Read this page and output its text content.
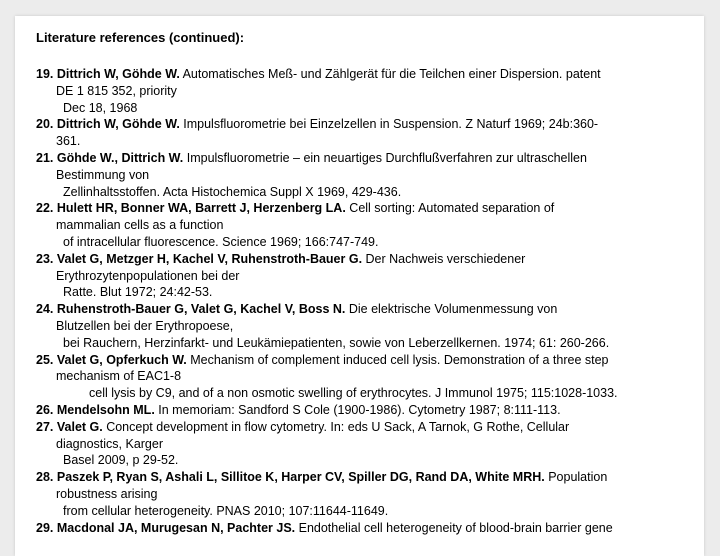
Literature references (continued):
19. Dittrich W, Göhde W. Automatisches Meß- und Zählgerät für die Teilchen einer Dispersion. patent
DE 1 815 352, priority
Dec 18, 1968
20. Dittrich W, Göhde W. Impulsfluorometrie bei Einzelzellen in Suspension. Z Naturf 1969; 24b:360-
361.
21. Göhde W., Dittrich W. Impulsfluorometrie – ein neuartiges Durchflußverfahren zur ultraschellen
Bestimmung von
Zellinhaltsstoffen. Acta Histochemica Suppl X 1969, 429-436.
22. Hulett HR, Bonner WA, Barrett J, Herzenberg LA. Cell sorting: Automated separation of
mammalian cells as a function
of intracellular fluorescence. Science 1969; 166:747-749.
23. Valet G, Metzger H, Kachel V, Ruhenstroth-Bauer G. Der Nachweis verschiedener
Erythrozytenpopulationen bei der
Ratte. Blut 1972; 24:42-53.
24. Ruhenstroth-Bauer G, Valet G, Kachel V, Boss N. Die elektrische Volumenmessung von
Blutzellen bei der Erythropoese,
bei Rauchern, Herzinfarkt- und Leukämiepatienten, sowie von Leberzellkernen. 1974; 61: 260-266.
25. Valet G, Opferkuch W. Mechanism of complement induced cell lysis. Demonstration of a three step
mechanism of EAC1-8
cell lysis by C9, and of a non osmotic swelling of erythrocytes. J Immunol 1975; 115:1028-1033.
26. Mendelsohn ML. In memoriam: Sandford S Cole (1900-1986). Cytometry 1987; 8:111-113.
27. Valet G. Concept development in flow cytometry. In: eds U Sack, A Tarnok, G Rothe, Cellular
diagnostics, Karger
Basel 2009, p 29-52.
28. Paszek P, Ryan S, Ashali L, Sillitoe K, Harper CV, Spiller DG, Rand DA, White MRH. Population
robustness arising
from cellular heterogeneity. PNAS 2010; 107:11644-11649.
29. Macdonal JA, Murugesan N, Pachter JS. Endothelial cell heterogeneity of blood-brain barrier gene
